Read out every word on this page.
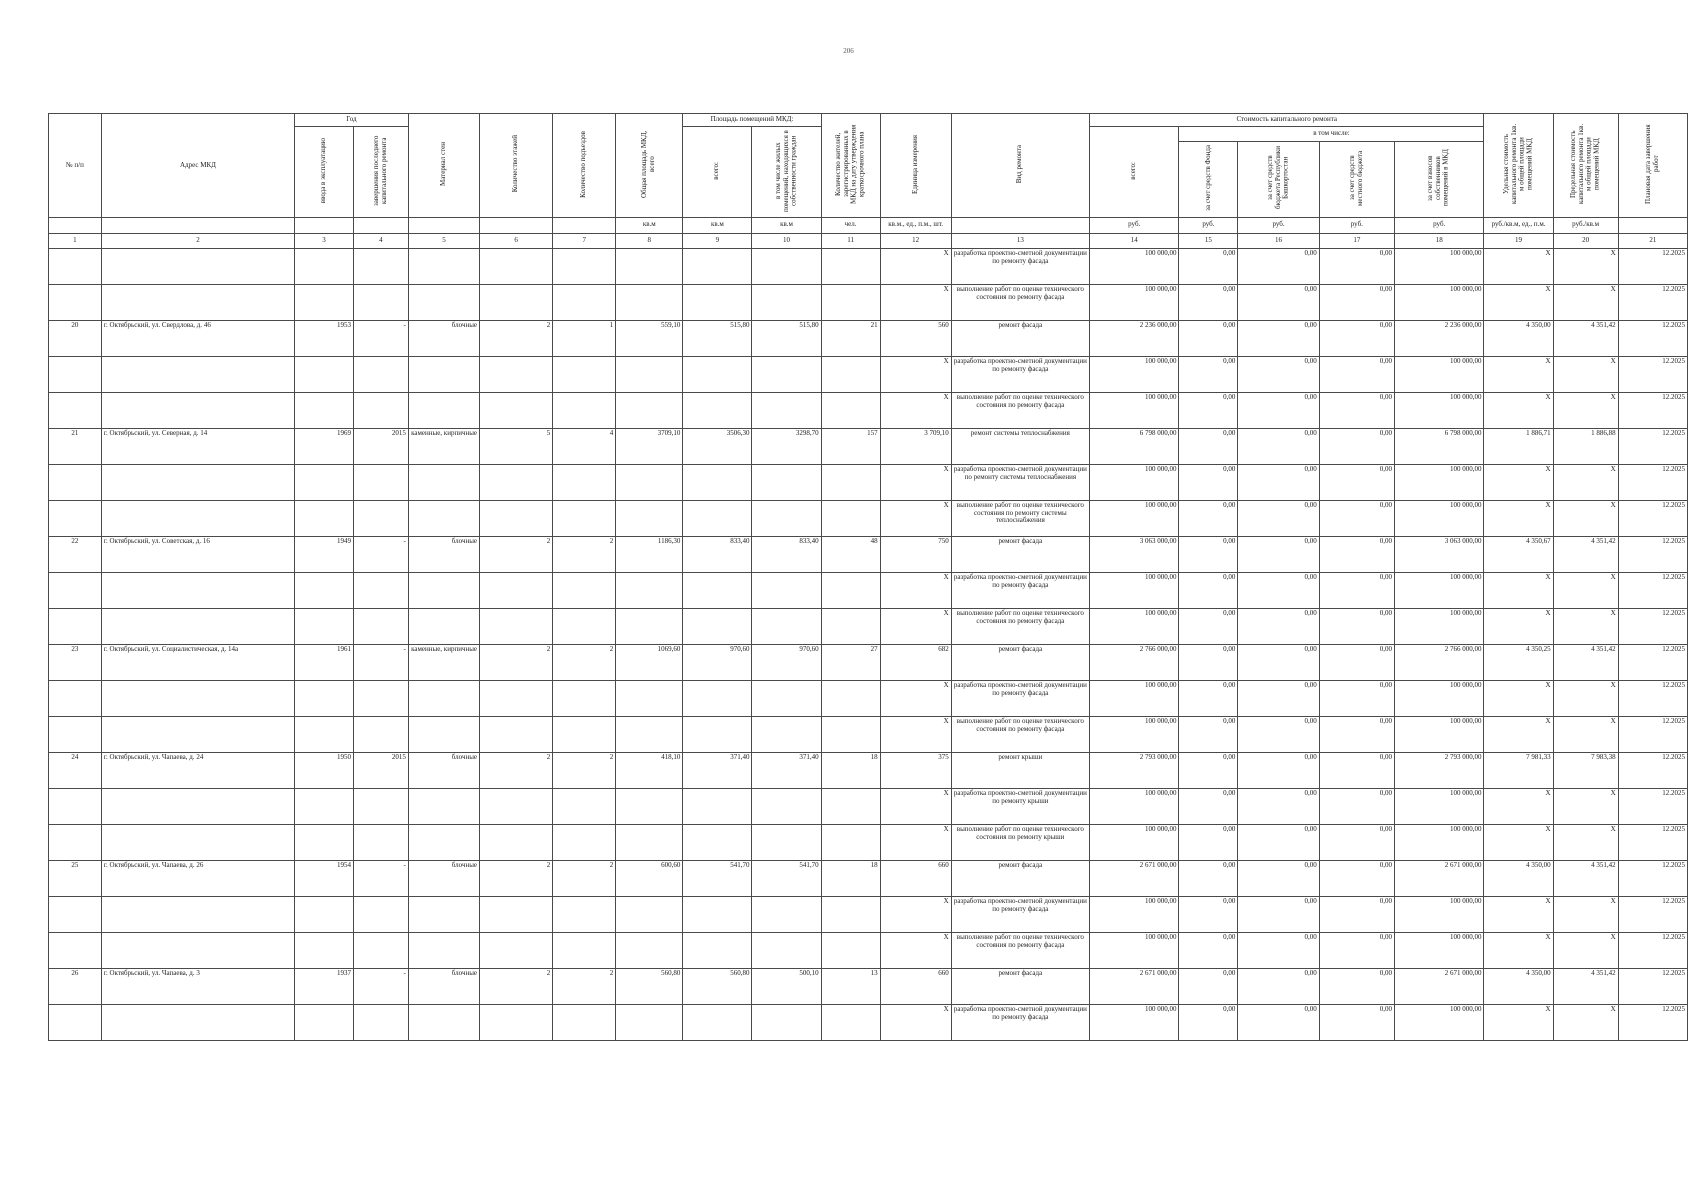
206
№ п/п	Адрес МКД	Год		Материал стен	Количество этажей	Количество подъездов	Общая площадь МКД, всего	Площадь помещений МКД:		Количество жителей, зарегистрированных в МКД на дату утверждения краткосрочного плана	Единица измерения	Вид ремонта	Стоимость капитального ремонта					Удельная стоимость капитального ремонта 1кв. м общей площади помещений МКД	Предельная стоимость капитального ремонта 1кв. м общей площади помещений МКД	Плановая дата завершения работ
		ввода в эксплуатацию	завершения последнего капитального ремонта					всего:	в том числе жилых помещений, находящихся в собственности граждан				всего:	в том числе:						
														за счет средств Фонда	за счет средств бюджета Республики Башкортостан	за счет средств местного бюджета	за счет взносов собственников помещений в МКД			
							кв.м	кв.м	кв.м	чел.	кв.м., ед., п.м., шт.		руб.	руб.	руб.	руб.	руб.	руб./кв.м, ед., п.м.	руб./кв.м	
1	2	3	4	5	6	7	8	9	10	11	12	13	14	15	16	17	18	19	20	21
											Х	разработка проектно-сметной документации по ремонту фасада	100 000,00	0,00	0,00	0,00	100 000,00	Х	Х	12.2025
											Х	выполнение работ по оценке технического состояния по ремонту фасада	100 000,00	0,00	0,00	0,00	100 000,00	Х	Х	12.2025
20	г. Октябрьский, ул. Свердлова, д. 46	1953	-	блочные	2	1	559,10	515,80	515,80	21	560	ремонт фасада	2 236 000,00	0,00	0,00	0,00	2 236 000,00	4 350,00	4 351,42	12.2025
											Х	разработка проектно-сметной документации по ремонту фасада	100 000,00	0,00	0,00	0,00	100 000,00	Х	Х	12.2025
											Х	выполнение работ по оценке технического состояния по ремонту фасада	100 000,00	0,00	0,00	0,00	100 000,00	Х	Х	12.2025
21	г. Октябрьский, ул. Северная, д. 14	1969	2015	каменные, кирпичные	5	4	3709,10	3506,30	3298,70	157	3 709,10	ремонт системы теплоснабжения	6 798 000,00	0,00	0,00	0,00	6 798 000,00	1 886,71	1 886,88	12.2025
											Х	разработка проектно-сметной документации по ремонту системы теплоснабжения	100 000,00	0,00	0,00	0,00	100 000,00	Х	Х	12.2025
											Х	выполнение работ по оценке технического состояния по ремонту системы теплоснабжения	100 000,00	0,00	0,00	0,00	100 000,00	Х	Х	12.2025
22	г. Октябрьский, ул. Советская, д. 16	1949	-	блочные	2	2	1186,30	833,40	833,40	48	750	ремонт фасада	3 063 000,00	0,00	0,00	0,00	3 063 000,00	4 350,67	4 351,42	12.2025
											Х	разработка проектно-сметной документации по ремонту фасада	100 000,00	0,00	0,00	0,00	100 000,00	Х	Х	12.2025
											Х	выполнение работ по оценке технического состояния по ремонту фасада	100 000,00	0,00	0,00	0,00	100 000,00	Х	Х	12.2025
23	г. Октябрьский, ул. Социалистическая, д. 14а	1961	-	каменные, кирпичные	2	2	1069,60	970,60	970,60	27	682	ремонт фасада	2 766 000,00	0,00	0,00	0,00	2 766 000,00	4 350,25	4 351,42	12.2025
											Х	разработка проектно-сметной документации по ремонту фасада	100 000,00	0,00	0,00	0,00	100 000,00	Х	Х	12.2025
											Х	выполнение работ по оценке технического состояния по ремонту фасада	100 000,00	0,00	0,00	0,00	100 000,00	Х	Х	12.2025
24	г. Октябрьский, ул. Чапаева, д. 24	1950	2015	блочные	2	2	418,10	371,40	371,40	18	375	ремонт крыши	2 793 000,00	0,00	0,00	0,00	2 793 000,00	7 981,33	7 983,38	12.2025
											Х	разработка проектно-сметной документации по ремонту крыши	100 000,00	0,00	0,00	0,00	100 000,00	Х	Х	12.2025
											Х	выполнение работ по оценке технического состояния по ремонту крыши	100 000,00	0,00	0,00	0,00	100 000,00	Х	Х	12.2025
25	г. Октябрьский, ул. Чапаева, д. 26	1954	-	блочные	2	2	600,60	541,70	541,70	18	660	ремонт фасада	2 671 000,00	0,00	0,00	0,00	2 671 000,00	4 350,00	4 351,42	12.2025
											Х	разработка проектно-сметной документации по ремонту фасада	100 000,00	0,00	0,00	0,00	100 000,00	Х	Х	12.2025
											Х	выполнение работ по оценке технического состояния по ремонту фасада	100 000,00	0,00	0,00	0,00	100 000,00	Х	Х	12.2025
26	г. Октябрьский, ул. Чапаева, д. 3	1937	-	блочные	2	2	560,80	560,80	500,10	13	660	ремонт фасада	2 671 000,00	0,00	0,00	0,00	2 671 000,00	4 350,00	4 351,42	12.2025
											Х	разработка проектно-сметной документации по ремонту фасада	100 000,00	0,00	0,00	0,00	100 000,00	Х	Х	12.2025
